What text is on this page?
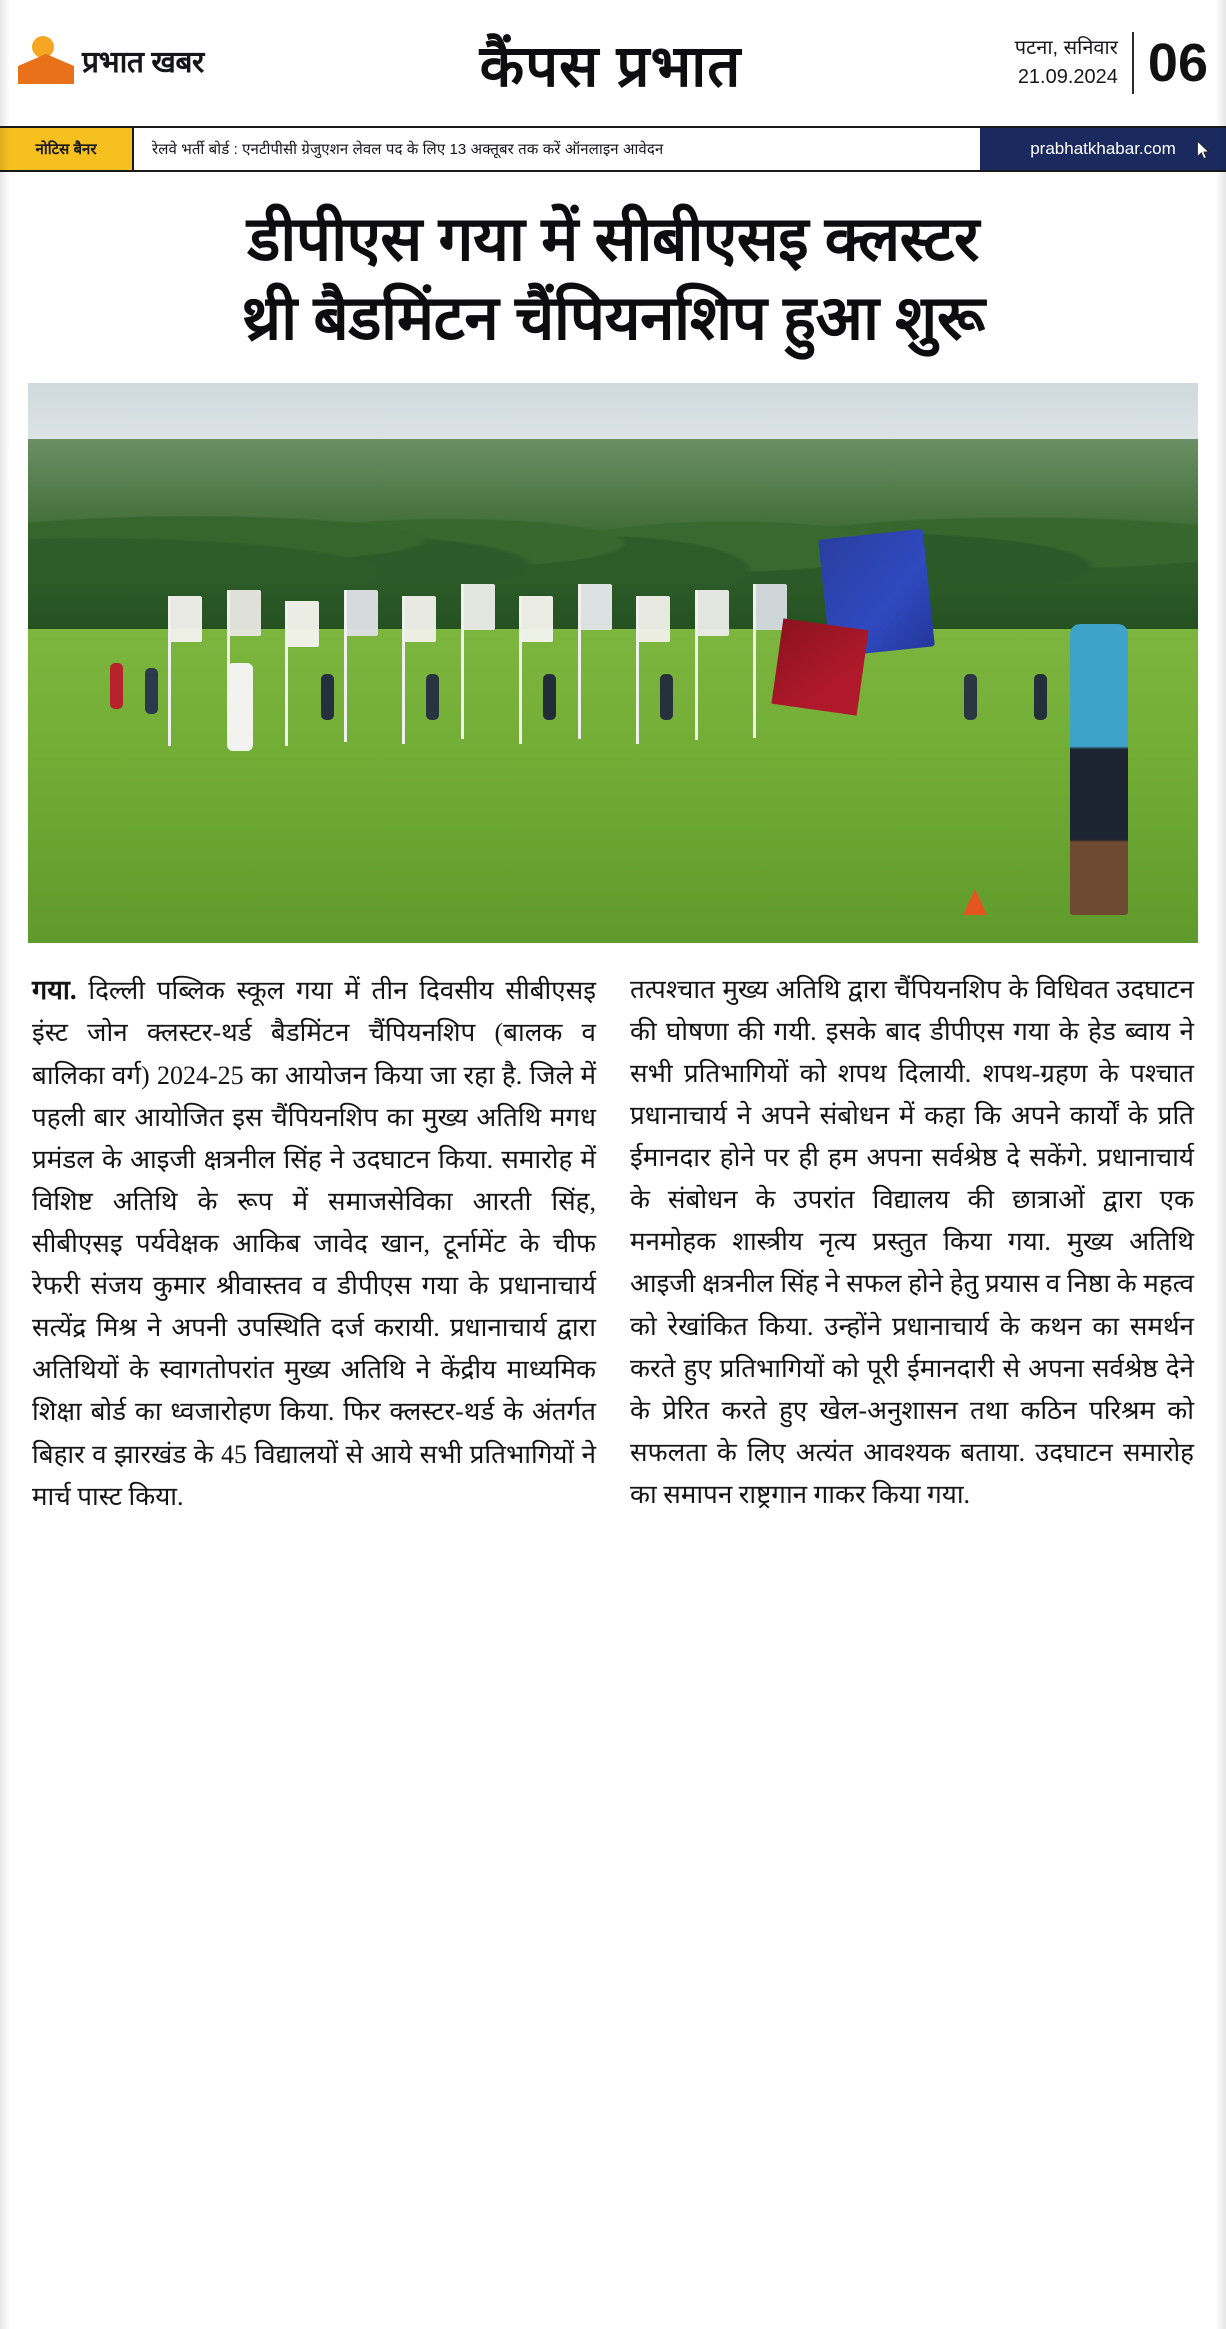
प्रभात खबर	कैंपस प्रभात	पटना, सनिवार
21.09.2024 06
नोटिस बैनर	रेलवे भर्ती बोर्ड : एनटीपीसी ग्रेजुएशन लेवल पद के लिए 13 अक्तूबर तक करें ऑनलाइन आवेदन	prabhatkhabar.com
डीपीएस गया में सीबीएसइ क्लस्टर
थ्री बैडमिंटन चैंपियनशिप हुआ शुरू

गया. दिल्ली पब्लिक स्कूल गया में तीन दिवसीय सीबीएसइ इंस्ट जोन क्लस्टर-थर्ड बैडमिंटन चैंपियनशिप (बालक व बालिका वर्ग) 2024-25 का आयोजन किया जा रहा है. जिले में पहली बार आयोजित इस चैंपियनशिप का मुख्य अतिथि मगध प्रमंडल के आइजी क्षत्रनील सिंह ने उदघाटन किया. समारोह में विशिष्ट अतिथि के रूप में समाजसेविका आरती सिंह, सीबीएसइ पर्यवेक्षक आकिब जावेद खान, टूर्नामेंट के चीफ रेफरी संजय कुमार श्रीवास्तव व डीपीएस गया के प्रधानाचार्य सत्येंद्र मिश्र ने अपनी उपस्थिति दर्ज करायी. प्रधानाचार्य द्वारा अतिथियों के स्वागतोपरांत मुख्य अतिथि ने केंद्रीय माध्यमिक शिक्षा बोर्ड का ध्वजारोहण किया. फिर क्लस्टर-थर्ड के अंतर्गत बिहार व झारखंड के 45 विद्यालयों से आये सभी प्रतिभागियों ने मार्च पास्ट किया.

तत्पश्चात मुख्य अतिथि द्वारा चैंपियनशिप के विधिवत उदघाटन की घोषणा की गयी. इसके बाद डीपीएस गया के हेड ब्वाय ने सभी प्रतिभागियों को शपथ दिलायी. शपथ-ग्रहण के पश्चात प्रधानाचार्य ने अपने संबोधन में कहा कि अपने कार्यों के प्रति ईमानदार होने पर ही हम अपना सर्वश्रेष्ठ दे सकेंगे. प्रधानाचार्य के संबोधन के उपरांत विद्यालय की छात्राओं द्वारा एक मनमोहक शास्त्रीय नृत्य प्रस्तुत किया गया. मुख्य अतिथि आइजी क्षत्रनील सिंह ने सफल होने हेतु प्रयास व निष्ठा के महत्व को रेखांकित किया. उन्होंने प्रधानाचार्य के कथन का समर्थन करते हुए प्रतिभागियों को पूरी ईमानदारी से अपना सर्वश्रेष्ठ देने के प्रेरित करते हुए खेल-अनुशासन तथा कठिन परिश्रम को सफलता के लिए अत्यंत आवश्यक बताया. उदघाटन समारोह का समापन राष्ट्रगान गाकर किया गया.
